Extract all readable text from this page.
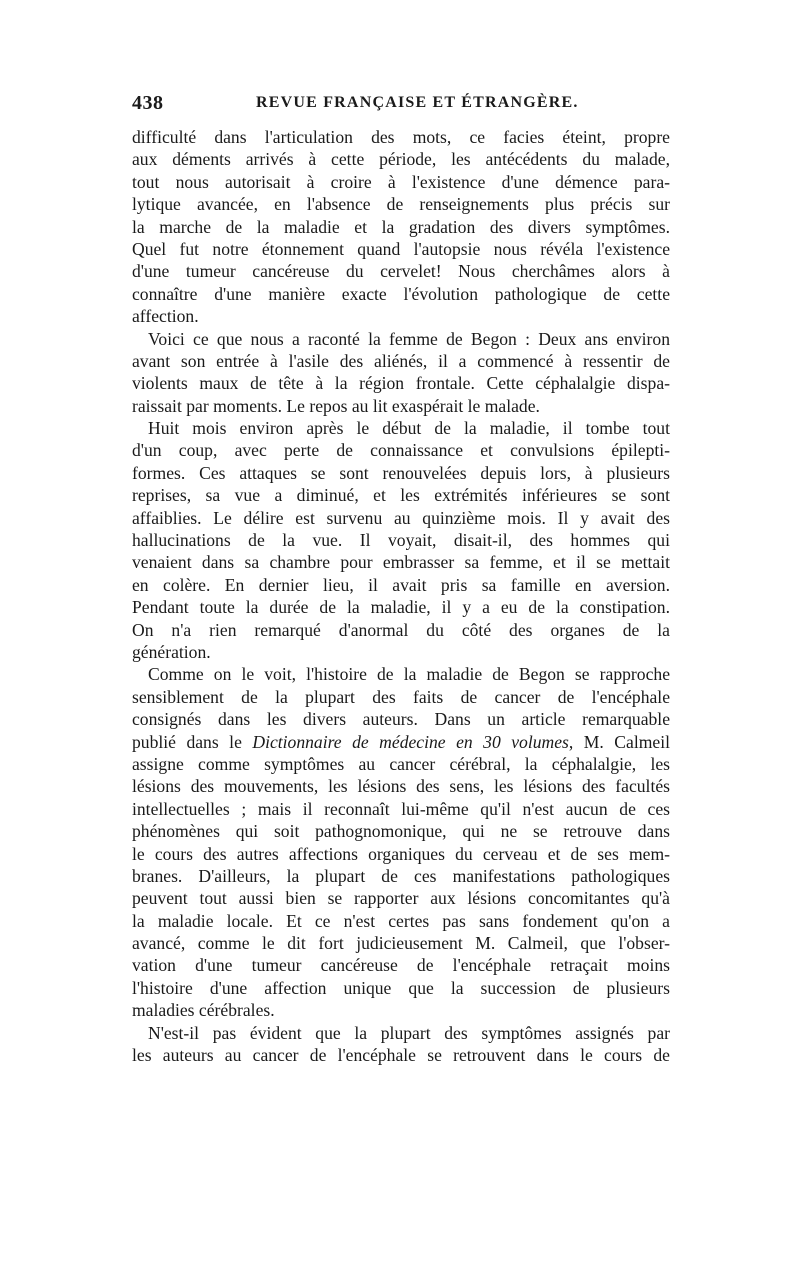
438	REVUE FRANÇAISE ET ÉTRANGÈRE.
difficulté dans l'articulation des mots, ce facies éteint, propre
aux déments arrivés à cette période, les antécédents du malade,
tout nous autorisait à croire à l'existence d'une démence para-
lytique avancée, en l'absence de renseignements plus précis sur
la marche de la maladie et la gradation des divers symptômes.
Quel fut notre étonnement quand l'autopsie nous révéla l'existence
d'une tumeur cancéreuse du cervelet! Nous cherchâmes alors à
connaître d'une manière exacte l'évolution pathologique de cette
affection.
Voici ce que nous a raconté la femme de Begon : Deux ans environ
avant son entrée à l'asile des aliénés, il a commencé à ressentir de
violents maux de tête à la région frontale. Cette céphalalgie dispa-
raissait par moments. Le repos au lit exaspérait le malade.
Huit mois environ après le début de la maladie, il tombe tout
d'un coup, avec perte de connaissance et convulsions épilepti-
formes. Ces attaques se sont renouvelées depuis lors, à plusieurs
reprises, sa vue a diminué, et les extrémités inférieures se sont
affaiblies. Le délire est survenu au quinzième mois. Il y avait des
hallucinations de la vue. Il voyait, disait-il, des hommes qui
venaient dans sa chambre pour embrasser sa femme, et il se mettait
en colère. En dernier lieu, il avait pris sa famille en aversion.
Pendant toute la durée de la maladie, il y a eu de la constipation.
On n'a rien remarqué d'anormal du côté des organes de la
génération.
Comme on le voit, l'histoire de la maladie de Begon se rapproche
sensiblement de la plupart des faits de cancer de l'encéphale
consignés dans les divers auteurs. Dans un article remarquable
publié dans le Dictionnaire de médecine en 30 volumes, M. Calmeil
assigne comme symptômes au cancer cérébral, la céphalalgie, les
lésions des mouvements, les lésions des sens, les lésions des facultés
intellectuelles ; mais il reconnaît lui-même qu'il n'est aucun de ces
phénomènes qui soit pathognomonique, qui ne se retrouve dans
le cours des autres affections organiques du cerveau et de ses mem-
branes. D'ailleurs, la plupart de ces manifestations pathologiques
peuvent tout aussi bien se rapporter aux lésions concomitantes qu'à
la maladie locale. Et ce n'est certes pas sans fondement qu'on a
avancé, comme le dit fort judicieusement M. Calmeil, que l'obser-
vation d'une tumeur cancéreuse de l'encéphale retraçait moins
l'histoire d'une affection unique que la succession de plusieurs
maladies cérébrales.
N'est-il pas évident que la plupart des symptômes assignés par
les auteurs au cancer de l'encéphale se retrouvent dans le cours de
